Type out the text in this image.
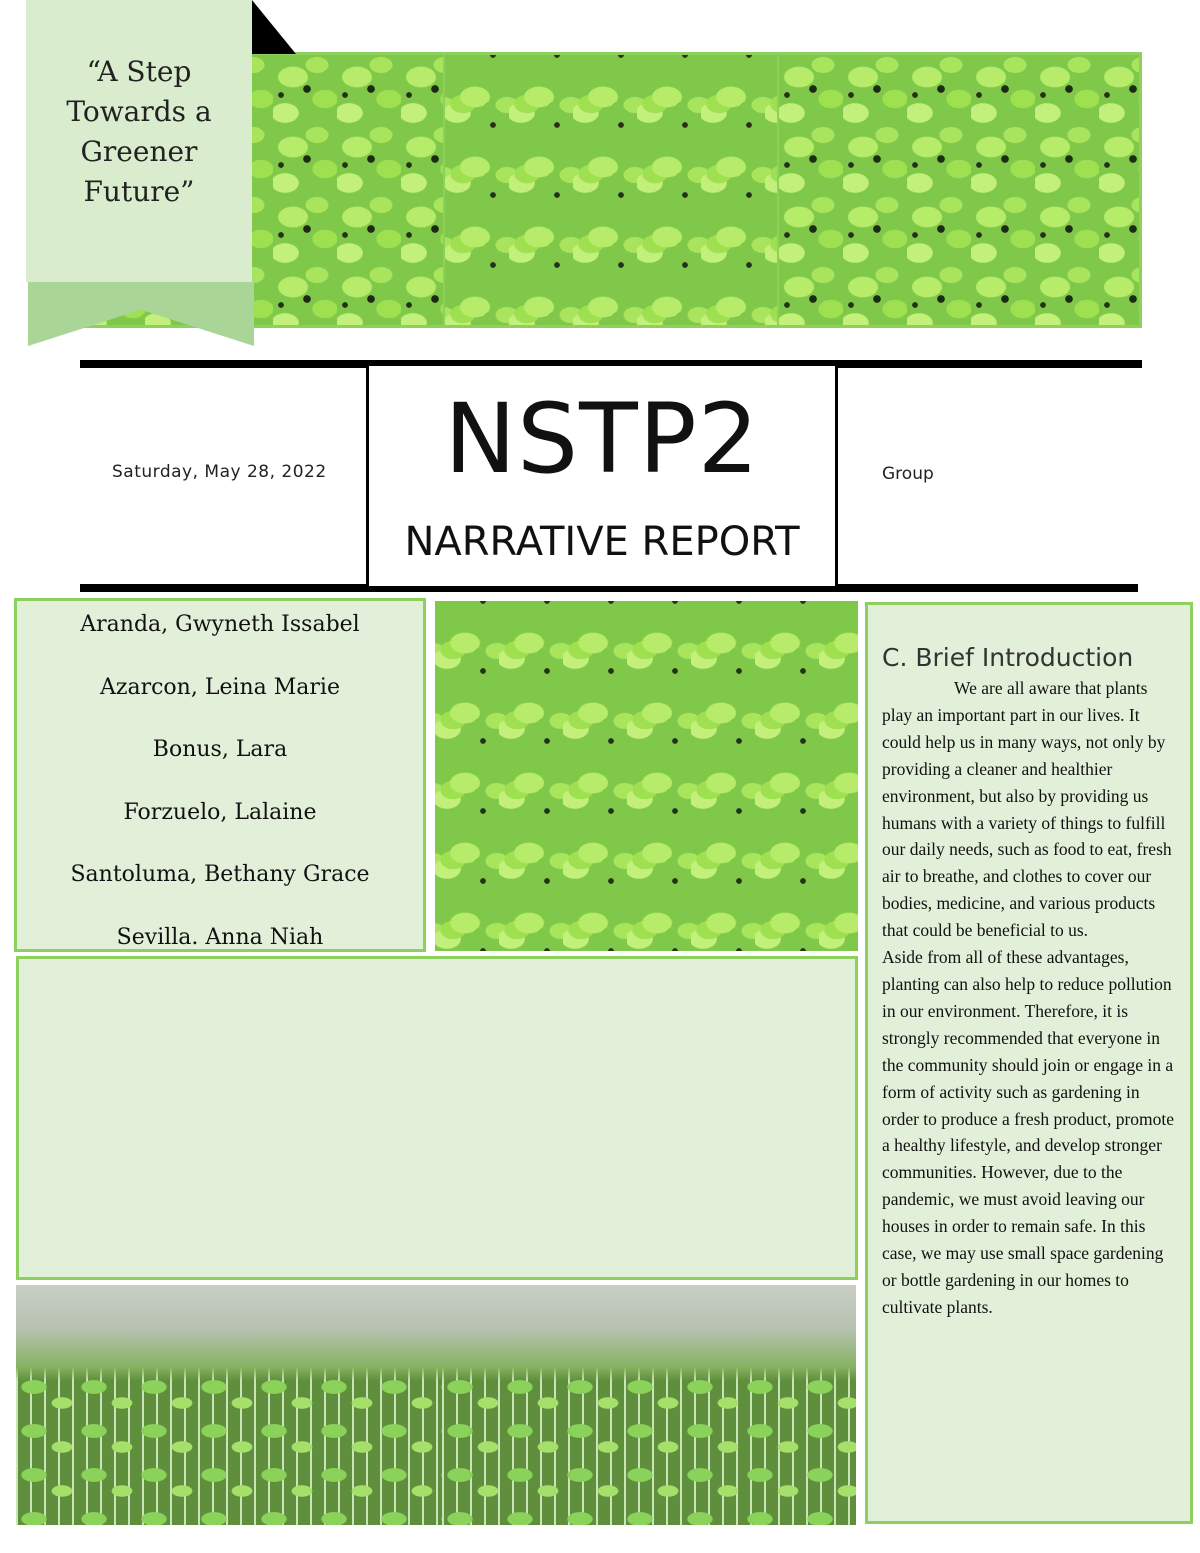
“A Step Towards a Greener Future”
NSTP2
NARRATIVE REPORT
Saturday, May 28, 2022	Group
Aranda, Gwyneth Issabel
Azarcon, Leina Marie
Bonus, Lara
Forzuelo, Lalaine
Santoluma, Bethany Grace
Sevilla. Anna Niah
C. Brief Introduction

We are all aware that plants play an important part in our lives. It could help us in many ways, not only by providing a cleaner and healthier environment, but also by providing us humans with a variety of things to fulfill our daily needs, such as food to eat, fresh air to breathe, and clothes to cover our bodies, medicine, and various products that could be beneficial to us.

Aside from all of these advantages, planting can also help to reduce pollution in our environment. Therefore, it is strongly recommended that everyone in the community should join or engage in a form of activity such as gardening in order to produce a fresh product, promote a healthy lifestyle, and develop stronger communities. However, due to the pandemic, we must avoid leaving our houses in order to remain safe. In this case, we may use small space gardening or bottle gardening in our homes to cultivate plants.
